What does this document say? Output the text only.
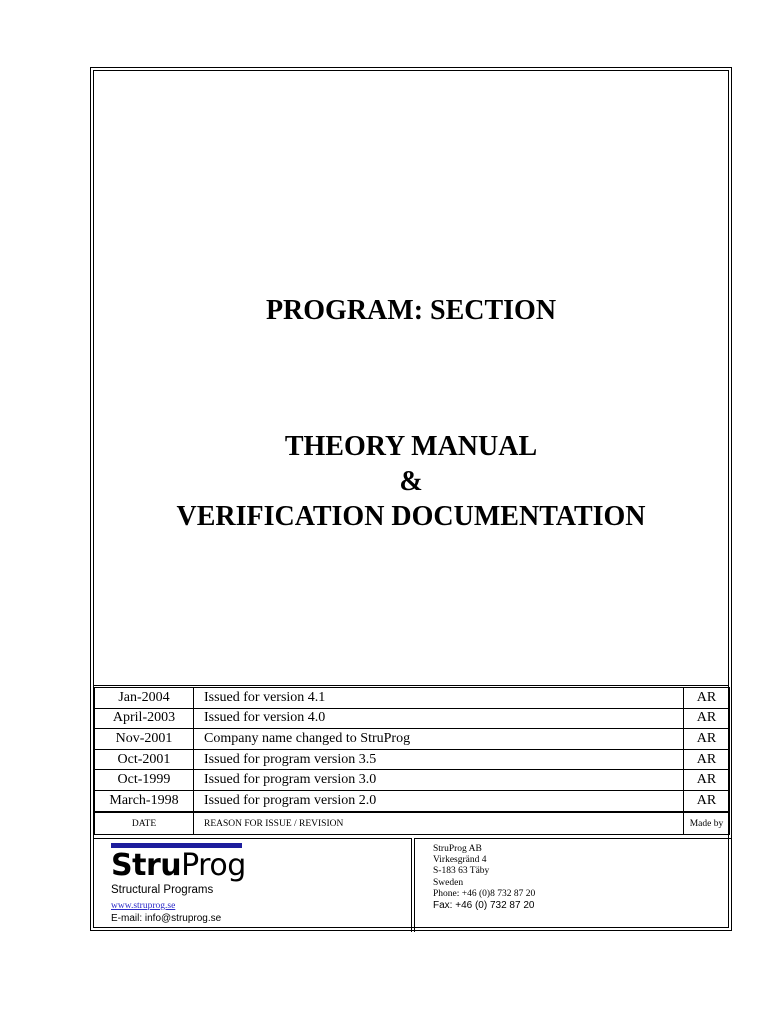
PROGRAM: SECTION
THEORY MANUAL
&
VERIFICATION DOCUMENTATION
Jan-2004	Issued for version 4.1	AR
April-2003	Issued for version 4.0	AR
Nov-2001	Company name changed to StruProg	AR
Oct-2001	Issued for program version 3.5	AR
Oct-1999	Issued for program version 3.0	AR
March-1998	Issued for program version 2.0	AR
DATE	REASON FOR ISSUE / REVISION	Made by
StruProg
Structural Programs
www.struprog.se
E-mail: info@struprog.se
StruProg AB
Virkesgränd 4
S-183 63 Täby
Sweden
Phone: +46 (0)8 732 87 20
Fax: +46 (0) 732 87 20
